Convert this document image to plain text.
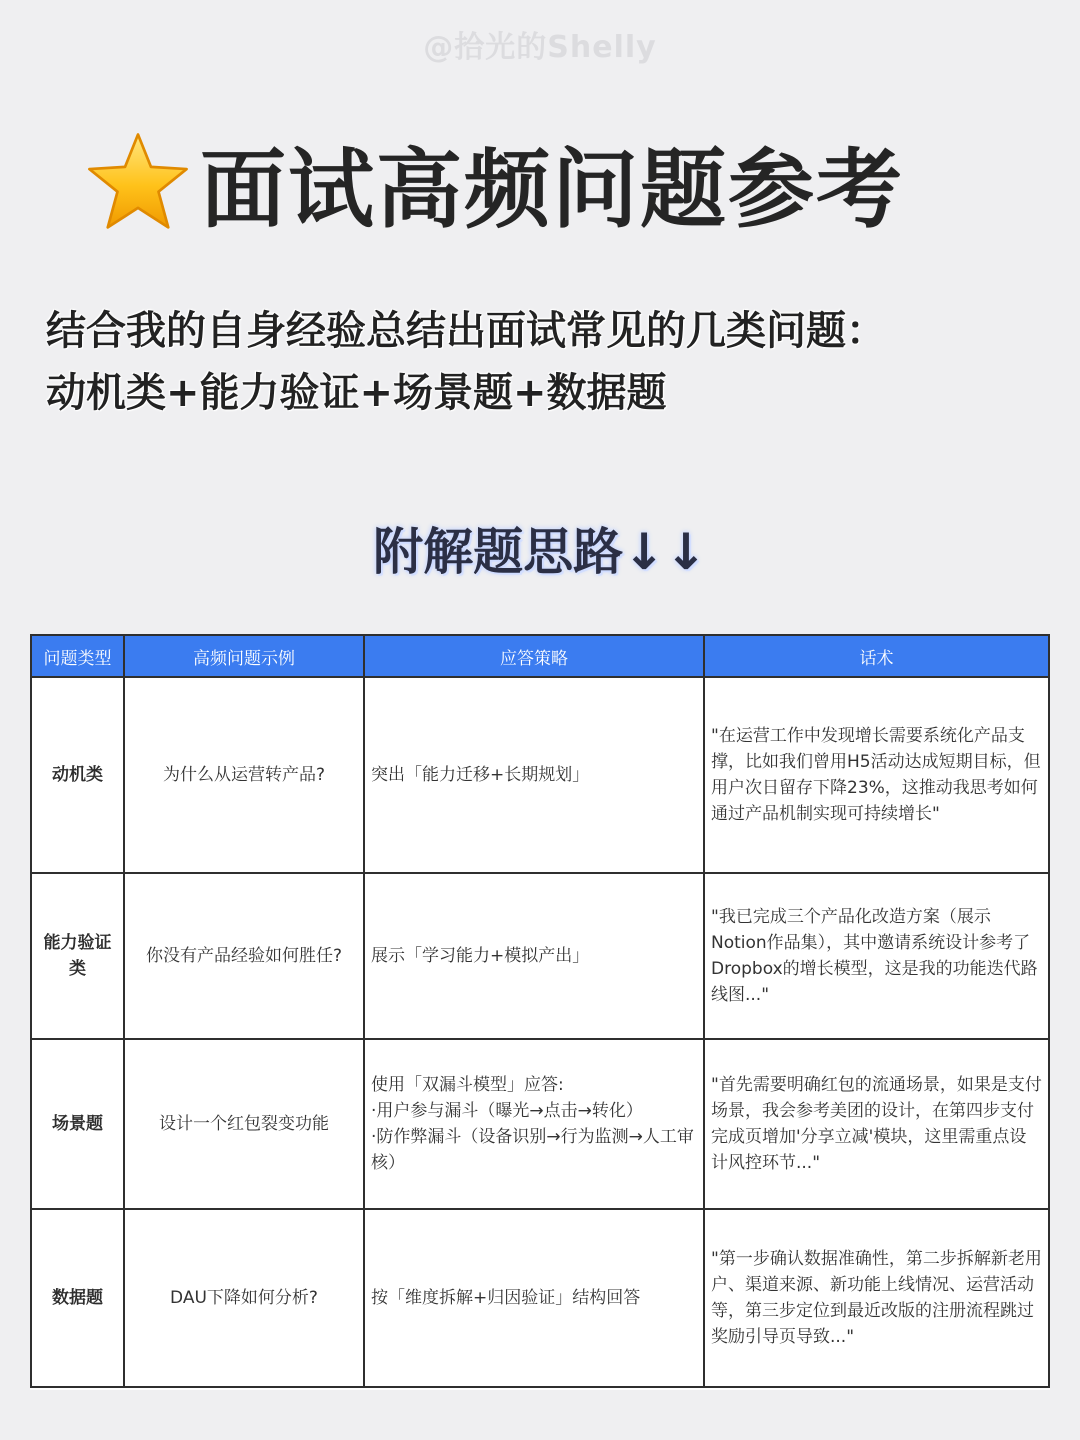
@拾光的Shelly
面试高频问题参考
结合我的自身经验总结出面试常见的几类问题：
动机类+能力验证+场景题+数据题
附解题思路↓↓
问题类型	高频问题示例	应答策略	话术
动机类	为什么从运营转产品?	突出「能力迁移+长期规划」	"在运营工作中发现增长需要系统化产品支撑，比如我们曾用H5活动达成短期目标，但用户次日留存下降23%，这推动我思考如何通过产品机制实现可持续增长"
能力验证类	你没有产品经验如何胜任?	展示「学习能力+模拟产出」	"我已完成三个产品化改造方案（展示Notion作品集），其中邀请系统设计参考了Dropbox的增长模型，这是我的功能迭代路线图..."
场景题	设计一个红包裂变功能	使用「双漏斗模型」应答:
·用户参与漏斗（曝光→点击→转化）
·防作弊漏斗（设备识别→行为监测→人工审核）	"首先需要明确红包的流通场景，如果是支付场景，我会参考美团的设计，在第四步支付完成页增加'分享立减'模块，这里需重点设计风控环节..."
数据题	DAU下降如何分析?	按「维度拆解+归因验证」结构回答	"第一步确认数据准确性，第二步拆解新老用户、渠道来源、新功能上线情况、运营活动等，第三步定位到最近改版的注册流程跳过奖励引导页导致..."
